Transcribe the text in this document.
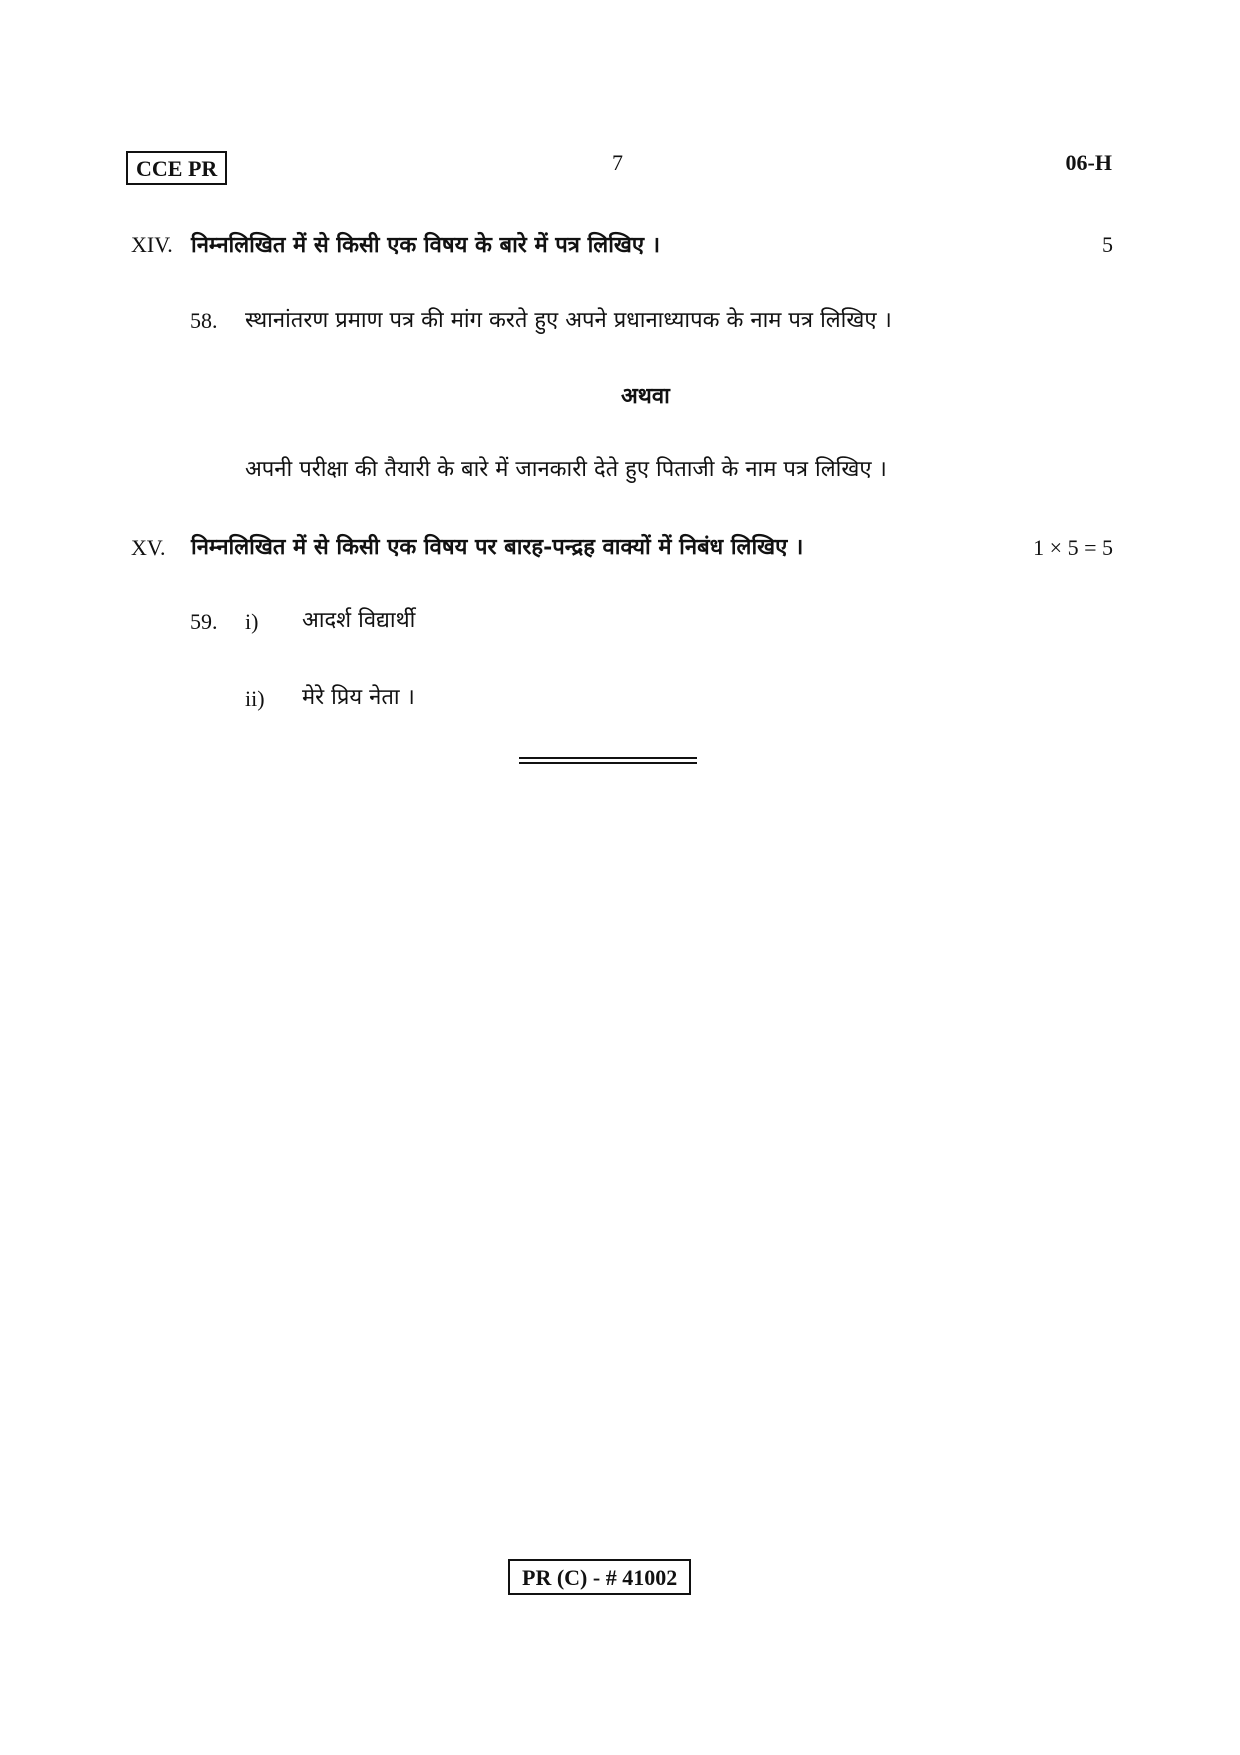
CCE PR	7	06-H
XIV. निम्नलिखित में से किसी एक विषय के बारे में पत्र लिखिए ।	5
58. स्थानांतरण प्रमाण पत्र की मांग करते हुए अपने प्रधानाध्यापक के नाम पत्र लिखिए ।
अथवा
अपनी परीक्षा की तैयारी के बारे में जानकारी देते हुए पिताजी के नाम पत्र लिखिए ।
XV. निम्नलिखित में से किसी एक विषय पर बारह-पन्द्रह वाक्यों में निबंध लिखिए ।	1 × 5 = 5
59. i) आदर्श विद्यार्थी
ii) मेरे प्रिय नेता ।
PR (C) - # 41002
